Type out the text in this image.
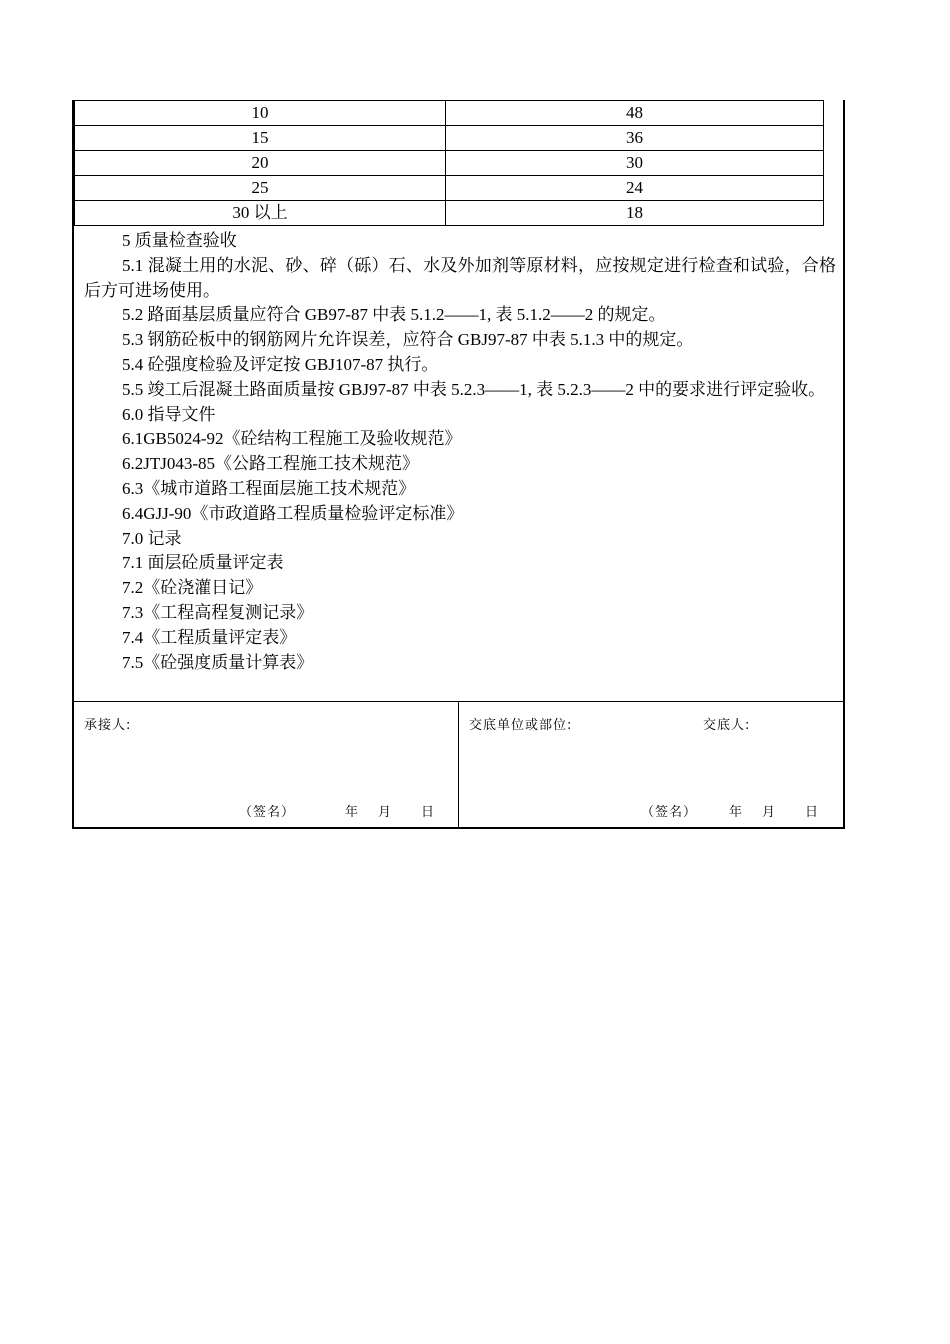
10	48
15	36
20	30
25	24
30 以上	18

5 质量检查验收

5.1 混凝土用的水泥、砂、碎（砾）石、水及外加剂等原材料，应按规定进行检查和试验，合格后方可进场使用。

5.2 路面基层质量应符合 GB97-87 中表 5.1.2——1, 表 5.1.2——2 的规定。

5.3 钢筋砼板中的钢筋网片允许误差，应符合 GBJ97-87 中表 5.1.3 中的规定。

5.4 砼强度检验及评定按 GBJ107-87 执行。

5.5 竣工后混凝土路面质量按 GBJ97-87 中表 5.2.3——1, 表 5.2.3——2 中的要求进行评定验收。

6.0 指导文件

6.1GB5024-92《砼结构工程施工及验收规范》

6.2JTJ043-85《公路工程施工技术规范》

6.3《城市道路工程面层施工技术规范》

6.4GJJ-90《市政道路工程质量检验评定标准》

7.0 记录

7.1 面层砼质量评定表

7.2《砼浇灌日记》

7.3《工程高程复测记录》

7.4《工程质量评定表》

7.5《砼强度质量计算表》

承接人:
（签名）	年 月 日
交底单位或部位:	交底人:
（签名） 年 月 日
